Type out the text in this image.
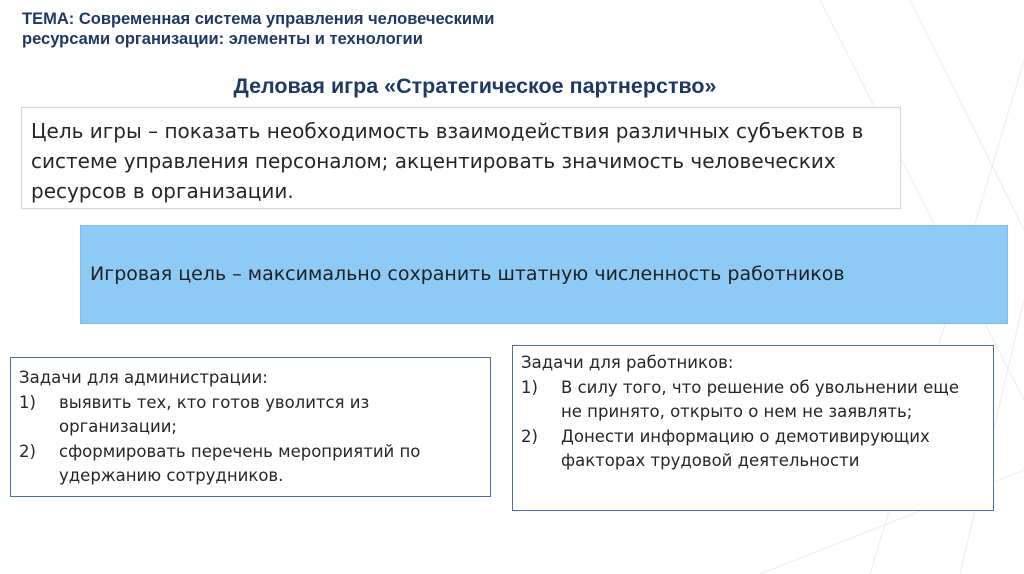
ТЕМА: Современная система управления человеческими
ресурсами организации: элементы и технологии
Деловая игра «Стратегическое партнерство»
Цель игры – показать необходимость взаимодействия различных субъектов в
системе управления персоналом; акцентировать значимость человеческих
ресурсов в организации.
Игровая цель – максимально сохранить штатную численность работников
Задачи для администрации:
1)	выявить тех, кто готов уволится из
организации;
2)	сформировать перечень мероприятий по
удержанию сотрудников.
Задачи для работников:
1)	В силу того, что решение об увольнении еще
не принято, открыто о нем не заявлять;
2)	Донести информацию о демотивирующих
факторах трудовой деятельности
